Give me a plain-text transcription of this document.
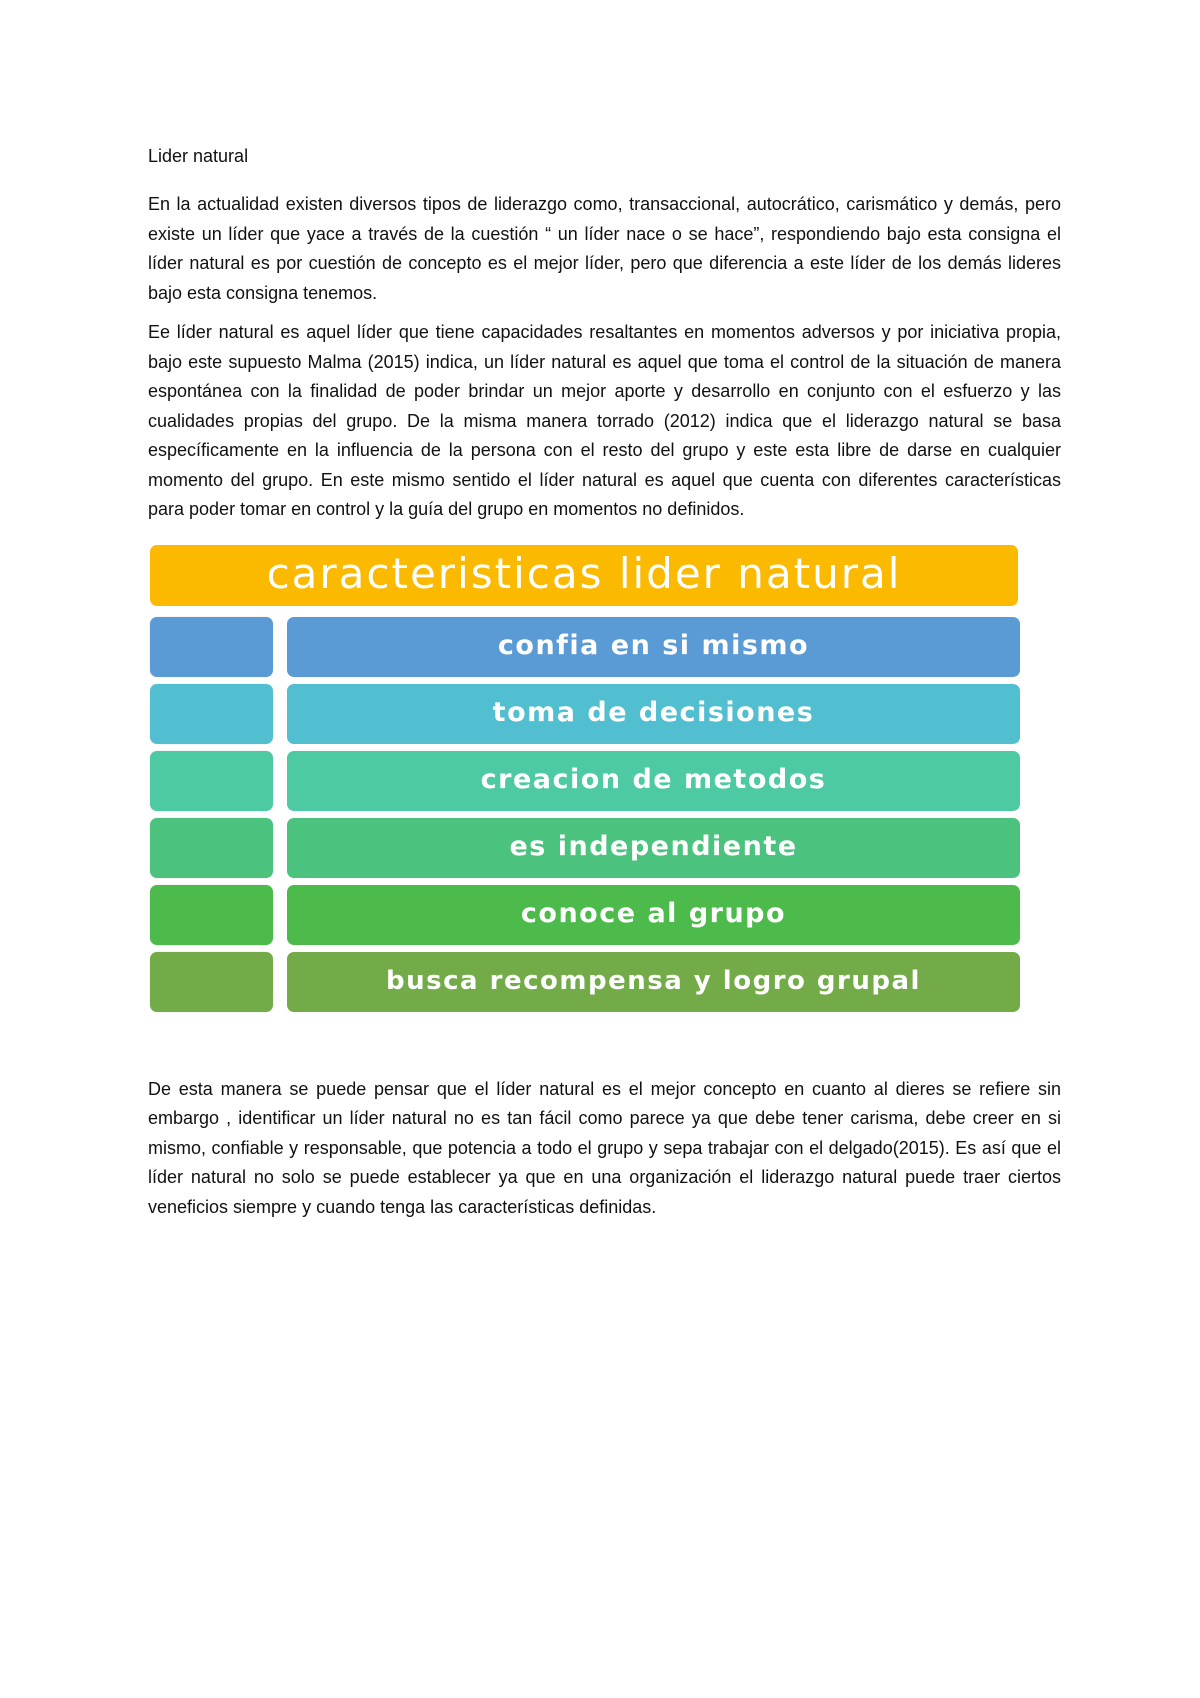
Lider natural

En la actualidad existen diversos tipos de liderazgo como, transaccional, autocrático, carismático y demás, pero existe un líder que yace a través de la cuestión “ un líder nace o se hace”, respondiendo bajo esta consigna el líder natural es por cuestión de concepto es el mejor líder, pero que diferencia a este líder de los demás lideres bajo esta consigna tenemos.

Ee líder natural es aquel líder que tiene capacidades resaltantes en momentos adversos y por iniciativa propia, bajo este supuesto Malma (2015) indica, un líder natural es aquel que toma el control de la situación de manera espontánea con la finalidad de poder brindar un mejor aporte y desarrollo en conjunto con el esfuerzo y las cualidades propias del grupo. De la misma manera torrado (2012) indica que el liderazgo natural se basa específicamente en la influencia de la persona con el resto del grupo y este esta libre de darse en cualquier momento del grupo. En este mismo sentido el líder natural es aquel que cuenta con diferentes características para poder tomar en control y la guía del grupo en momentos no definidos.

caracteristicas lider natural
confia en si mismo
toma de decisiones
creacion de metodos
es independiente
conoce al grupo
busca recompensa y logro grupal

De esta manera se puede pensar que el líder natural es el mejor concepto en cuanto al dieres se refiere sin embargo , identificar un líder natural no es tan fácil como parece ya que debe tener carisma, debe creer en si mismo, confiable y responsable, que potencia a todo el grupo y sepa trabajar con el delgado(2015). Es así que el líder natural no solo se puede establecer ya que en una organización el liderazgo natural puede traer ciertos veneficios siempre y cuando tenga las características definidas.
